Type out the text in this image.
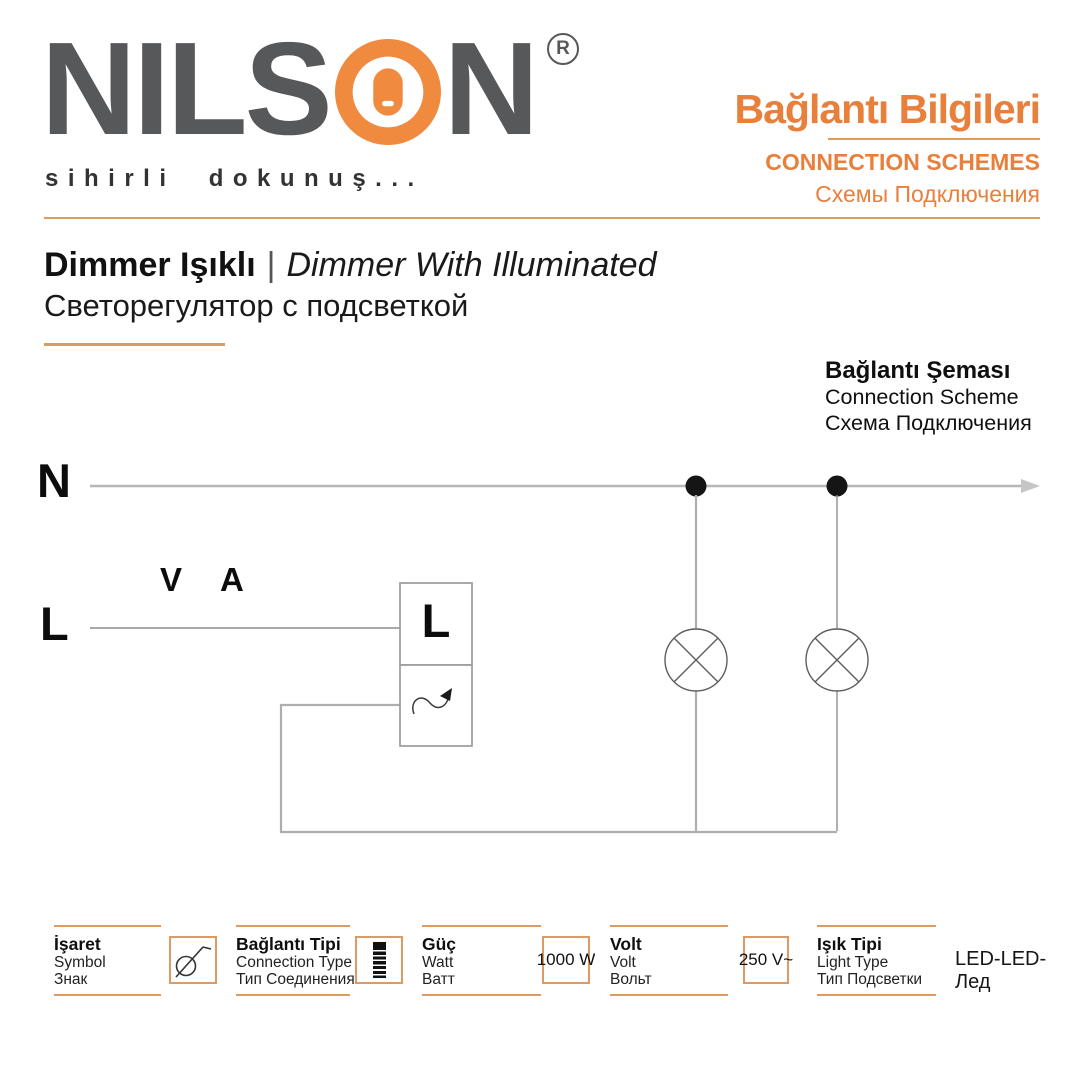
NILS N	R
sihirli dokunuş...
Bağlantı Bilgileri
CONNECTION SCHEMES
Схемы Подключения
Dimmer Işıklı | Dimmer With Illuminated
Светорегулятор с подсветкой
Bağlantı Şeması
Connection Scheme
Схема Подключения
N
L
V A
L
İşaret
Symbol
Знак
Bağlantı Tipi
Connection Type
Тип Соединения
Güç
Watt
Ватт
1000 W
Volt
Volt
Вольт
250 V~
Işık Tipi
Light Type
Тип Подсветки
LED-LED-Лед
